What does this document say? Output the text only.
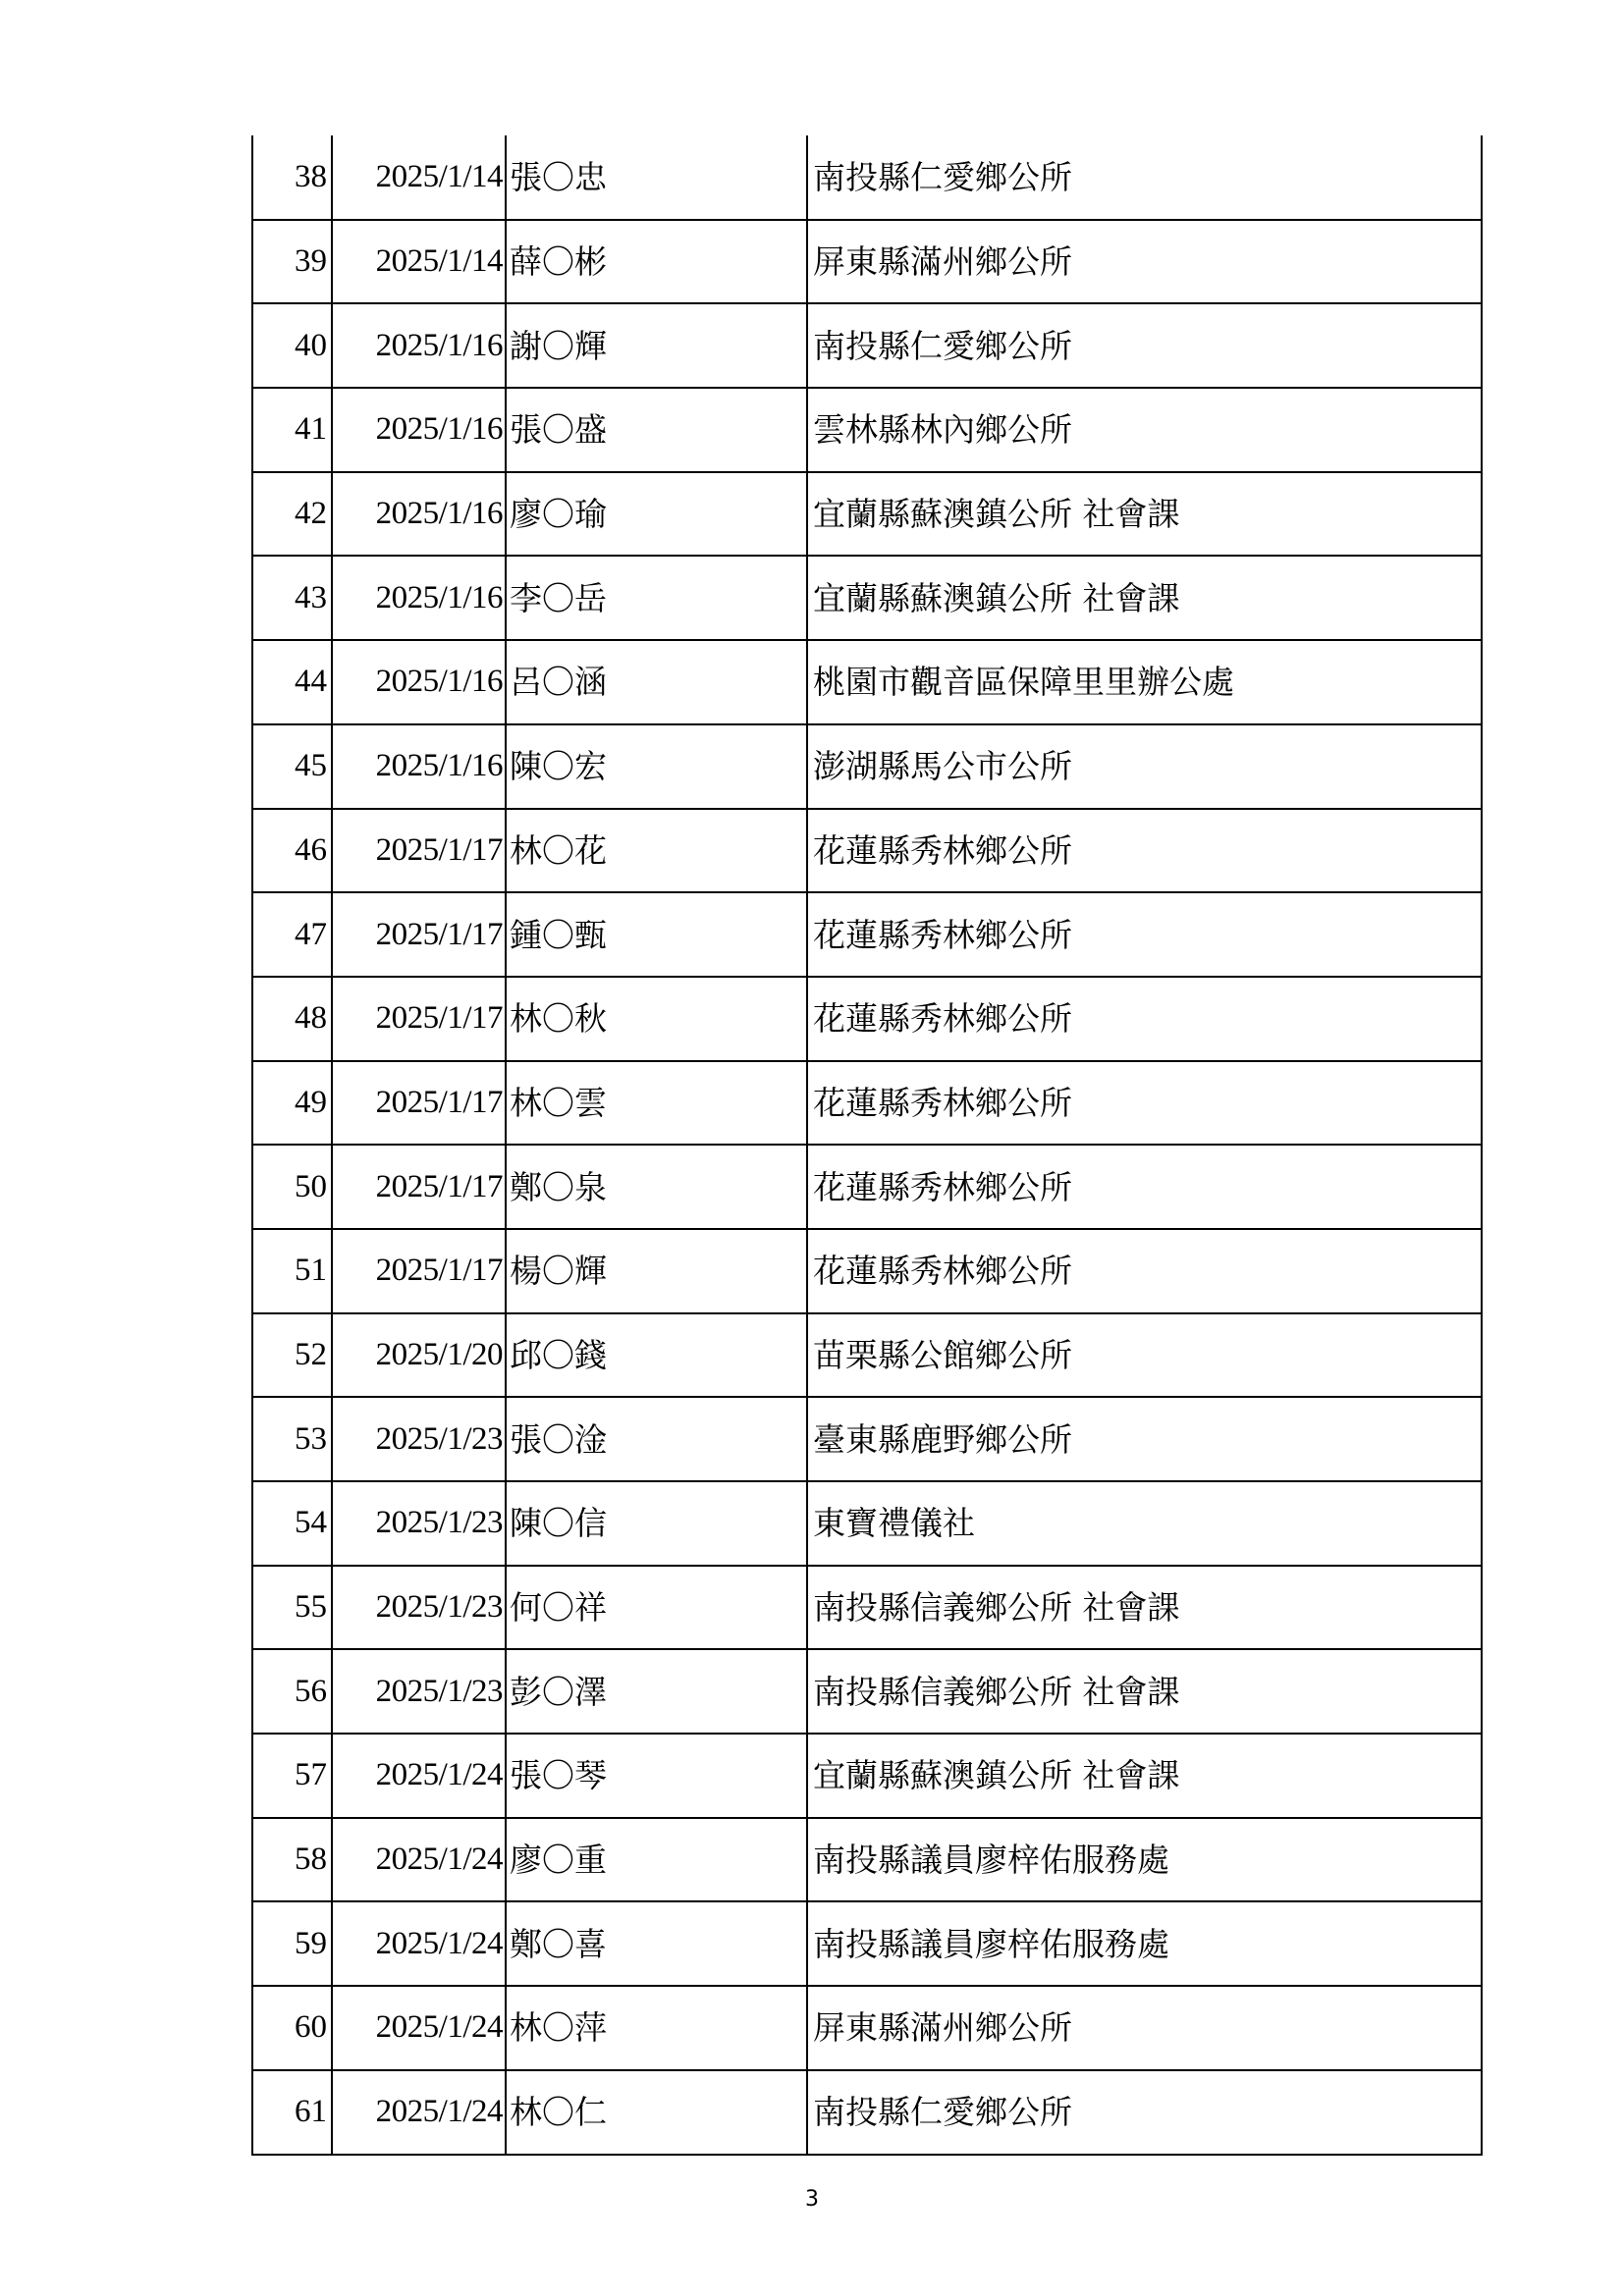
38	2025/1/14	張〇忠	南投縣仁愛鄉公所
39	2025/1/14	薛〇彬	屏東縣滿州鄉公所
40	2025/1/16	謝〇輝	南投縣仁愛鄉公所
41	2025/1/16	張〇盛	雲林縣林內鄉公所
42	2025/1/16	廖〇瑜	宜蘭縣蘇澳鎮公所 社會課
43	2025/1/16	李〇岳	宜蘭縣蘇澳鎮公所 社會課
44	2025/1/16	呂〇涵	桃園市觀音區保障里里辦公處
45	2025/1/16	陳〇宏	澎湖縣馬公市公所
46	2025/1/17	林〇花	花蓮縣秀林鄉公所
47	2025/1/17	鍾〇甄	花蓮縣秀林鄉公所
48	2025/1/17	林〇秋	花蓮縣秀林鄉公所
49	2025/1/17	林〇雲	花蓮縣秀林鄉公所
50	2025/1/17	鄭〇泉	花蓮縣秀林鄉公所
51	2025/1/17	楊〇輝	花蓮縣秀林鄉公所
52	2025/1/20	邱〇錢	苗栗縣公館鄉公所
53	2025/1/23	張〇淦	臺東縣鹿野鄉公所
54	2025/1/23	陳〇信	東寶禮儀社
55	2025/1/23	何〇祥	南投縣信義鄉公所 社會課
56	2025/1/23	彭〇澤	南投縣信義鄉公所 社會課
57	2025/1/24	張〇琴	宜蘭縣蘇澳鎮公所 社會課
58	2025/1/24	廖〇重	南投縣議員廖梓佑服務處
59	2025/1/24	鄭〇喜	南投縣議員廖梓佑服務處
60	2025/1/24	林〇萍	屏東縣滿州鄉公所
61	2025/1/24	林〇仁	南投縣仁愛鄉公所
3
